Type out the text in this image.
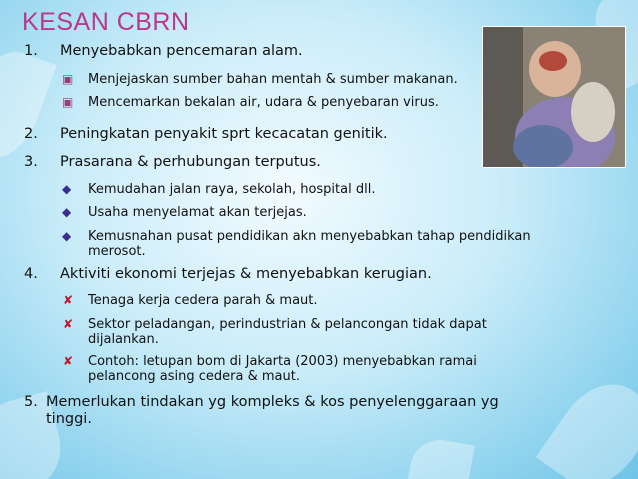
KESAN CBRN
1. Menyebabkan pencemaran alam.
▣ Menjejaskan sumber bahan mentah & sumber makanan.
▣ Mencemarkan bekalan air, udara & penyebaran virus.
2. Peningkatan penyakit sprt kecacatan genitik.
3. Prasarana & perhubungan terputus.
◆ Kemudahan jalan raya, sekolah, hospital dll.
◆ Usaha menyelamat akan terjejas.
◆ Kemusnahan pusat pendidikan akn menyebabkan tahap pendidikan
merosot.
4. Aktiviti ekonomi terjejas & menyebabkan kerugian.
✘ Tenaga kerja cedera parah & maut.
✘ Sektor peladangan, perindustrian & pelancongan tidak dapat
dijalankan.
✘ Contoh: letupan bom di Jakarta (2003) menyebabkan ramai
pelancong asing cedera & maut.
5. Memerlukan tindakan yg kompleks & kos penyelenggaraan yg
tinggi.
